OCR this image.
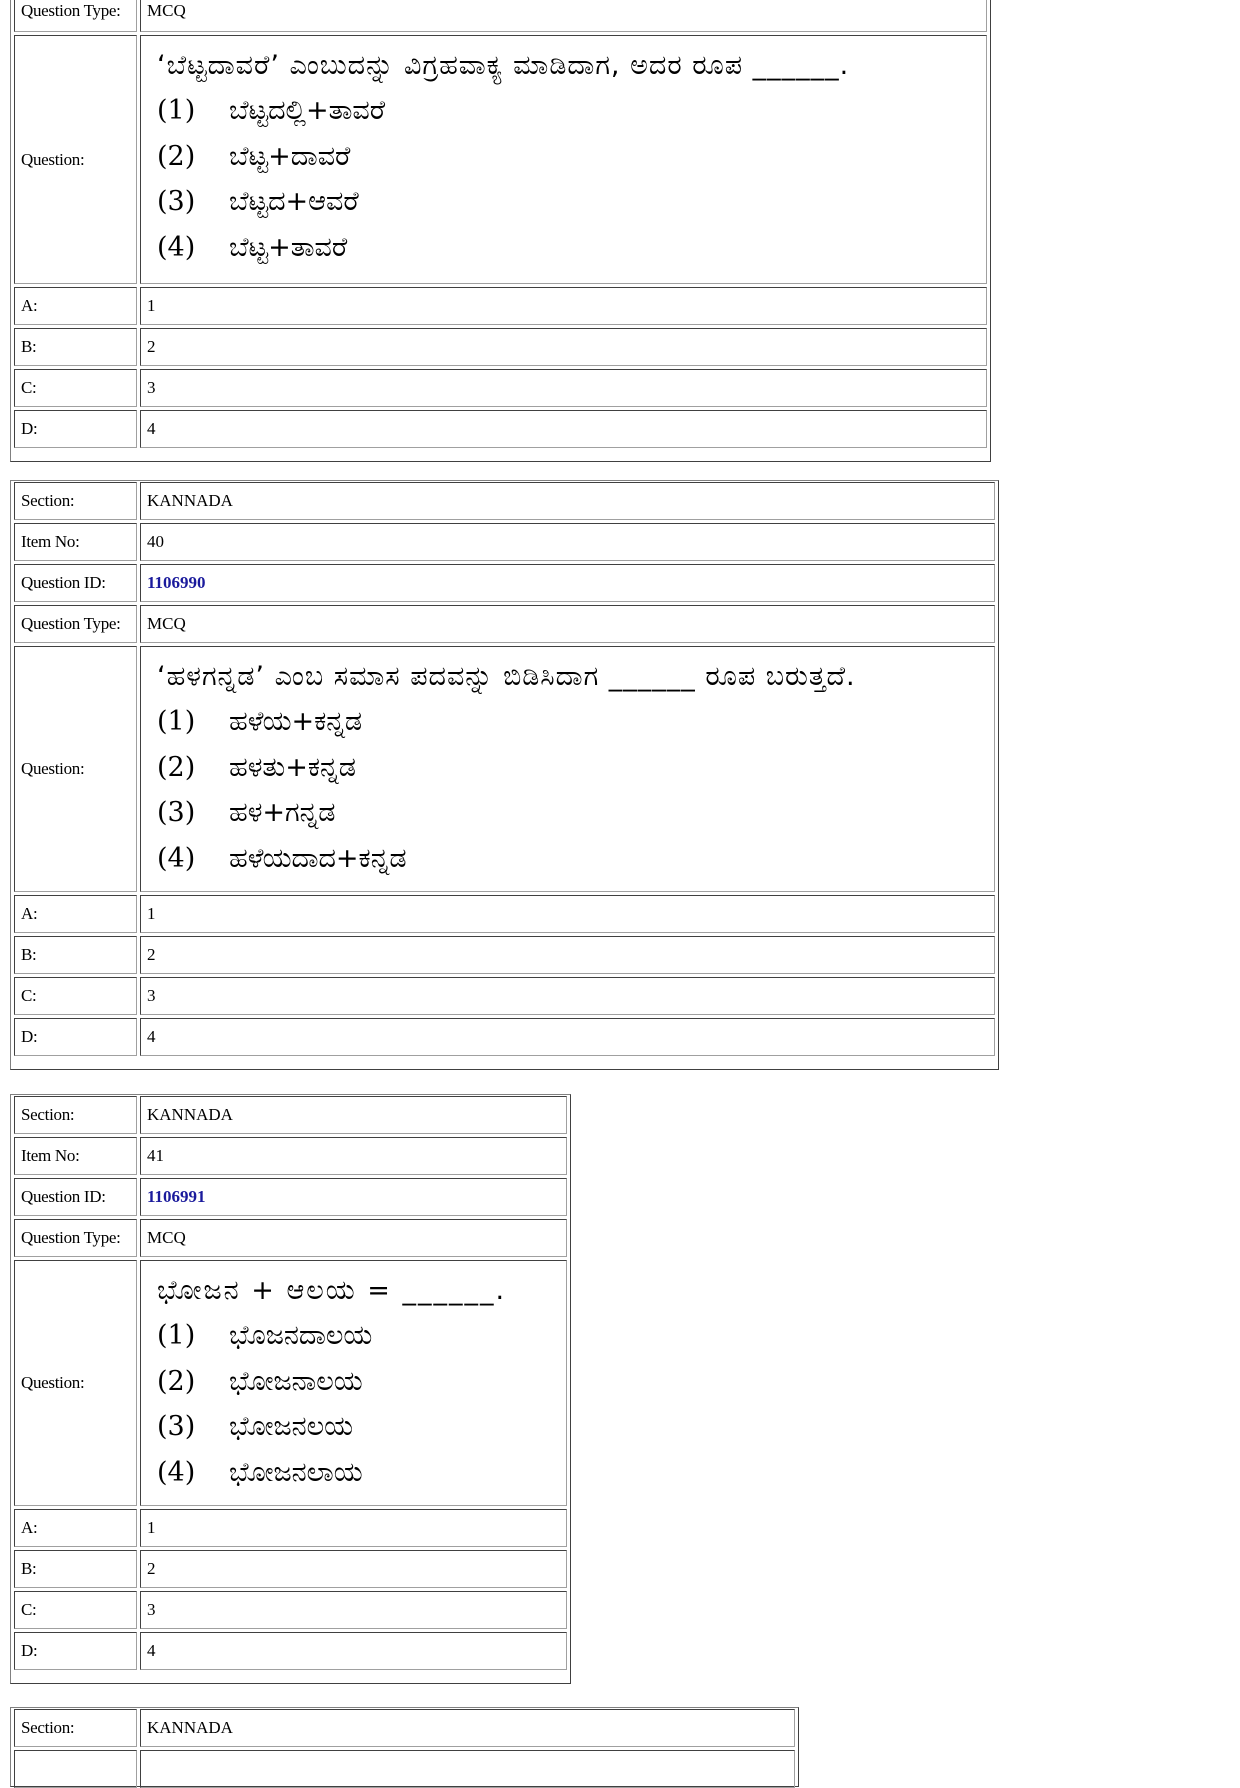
Question Type:	MCQ
Question:
‘ಬೆಟ್ಟದಾವರೆ’ ಎಂಬುದನ್ನು ವಿಗ್ರಹವಾಕ್ಯ ಮಾಡಿದಾಗ, ಅದರ ರೂಪ ______.
(1) ಬೆಟ್ಟದಲ್ಲಿ+ತಾವರೆ
(2) ಬೆಟ್ಟ+ದಾವರೆ
(3) ಬೆಟ್ಟದ+ಆವರೆ
(4) ಬೆಟ್ಟ+ತಾವರೆ
A:	1
B:	2
C:	3
D:	4
Section:	KANNADA
Item No:	40
Question ID:	1106990
Question Type:	MCQ
Question:
‘ಹಳಗನ್ನಡ’ ಎಂಬ ಸಮಾಸ ಪದವನ್ನು ಬಿಡಿಸಿದಾಗ ______ ರೂಪ ಬರುತ್ತದೆ.
(1) ಹಳೆಯ+ಕನ್ನಡ
(2) ಹಳತು+ಕನ್ನಡ
(3) ಹಳ+ಗನ್ನಡ
(4) ಹಳೆಯದಾದ+ಕನ್ನಡ
A:	1
B:	2
C:	3
D:	4
Section:	KANNADA
Item No:	41
Question ID:	1106991
Question Type:	MCQ
Question:
ಭೋಜನ + ಆಲಯ = ______.
(1) ಭೊಜನದಾಲಯ
(2) ಭೋಜನಾಲಯ
(3) ಭೋಜನಲಯ
(4) ಭೋಜನಲಾಯ
A:	1
B:	2
C:	3
D:	4
Section:	KANNADA
